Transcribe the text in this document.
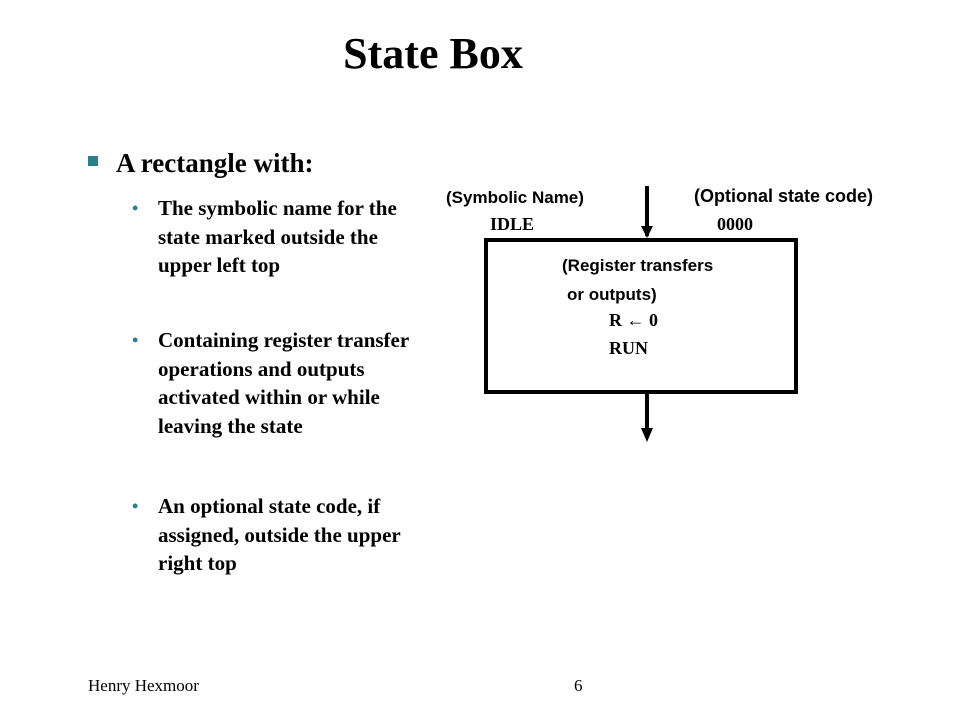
State Box
A rectangle with:
• The symbolic name for the state marked outside the upper left top
• Containing register transfer operations and outputs activated within or while leaving the state
• An optional state code, if assigned, outside the upper right top
(Symbolic Name)
IDLE
(Optional state code)
0000
(Register transfers
or outputs)
R ← 0
RUN
Henry Hexmoor	6
